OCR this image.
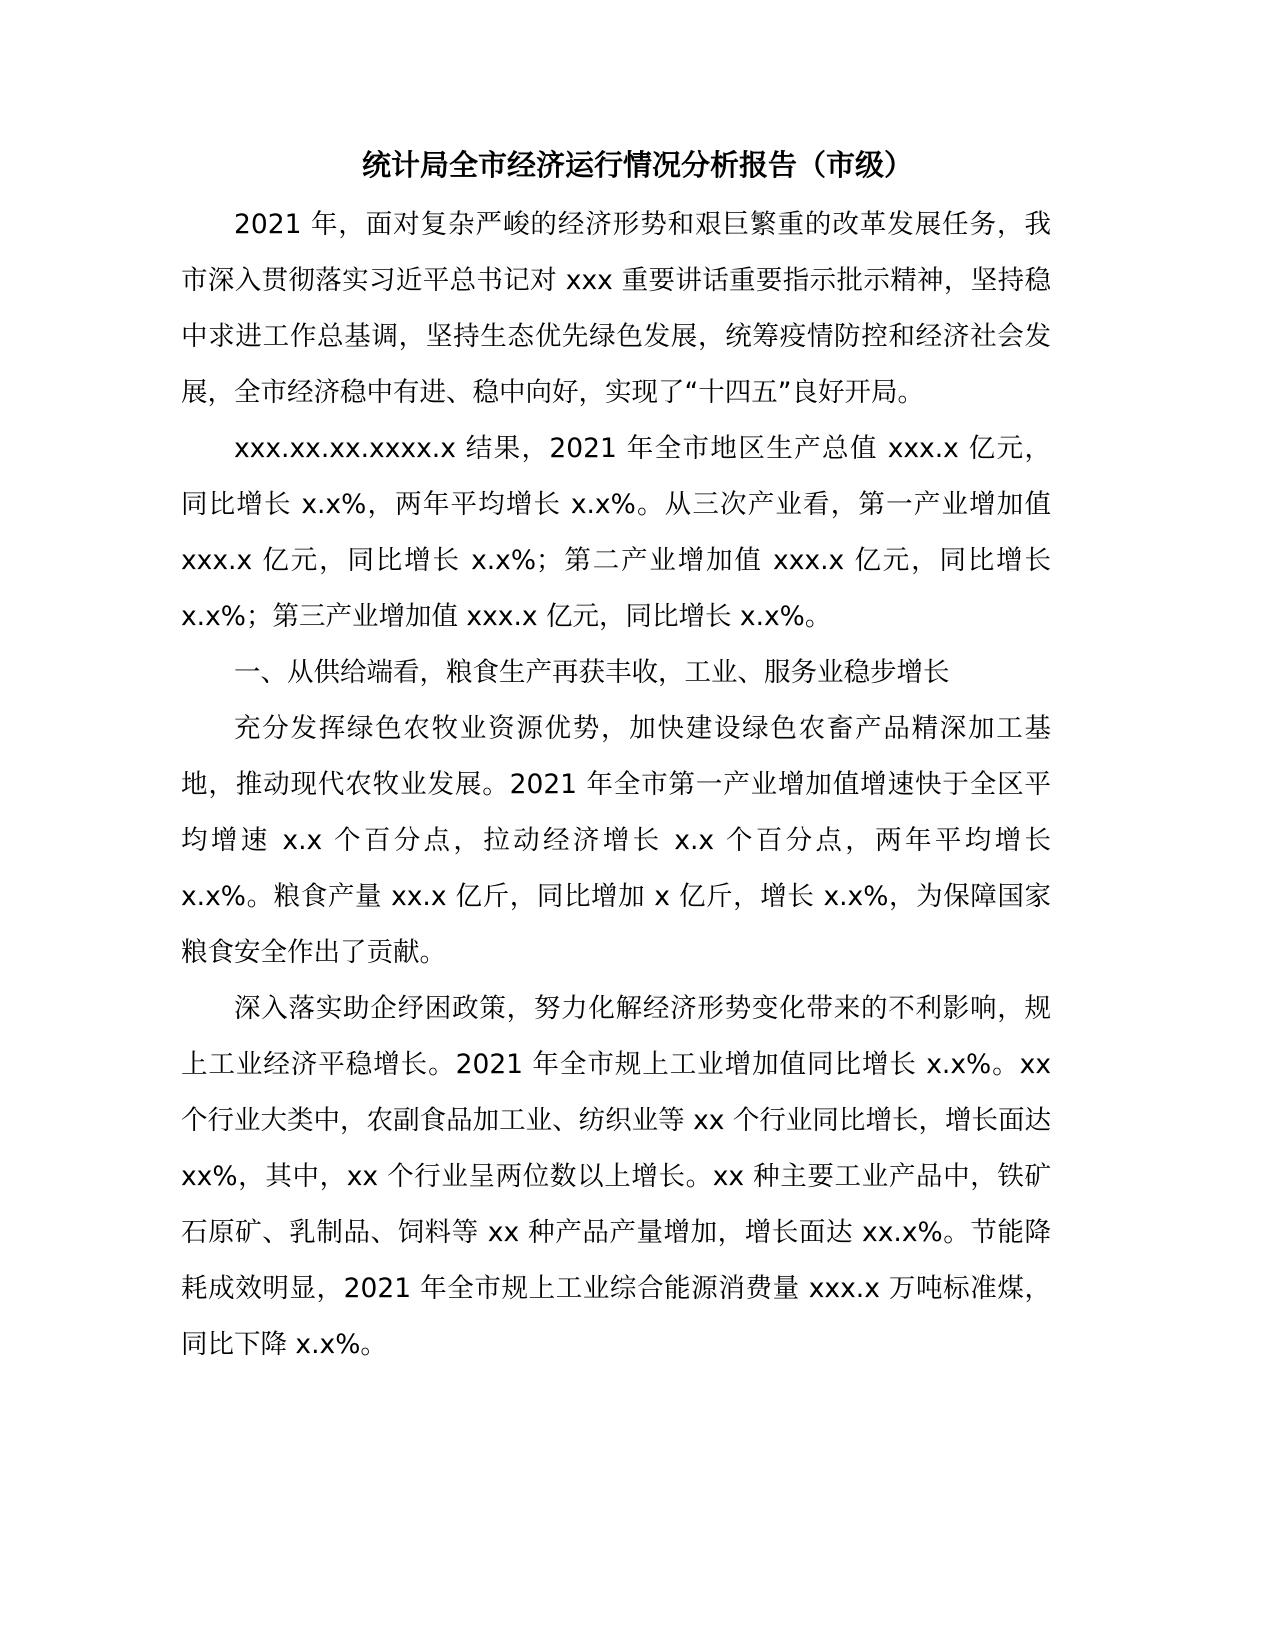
统计局全市经济运行情况分析报告（市级）

2021 年，面对复杂严峻的经济形势和艰巨繁重的改革发展任务，我市深入贯彻落实习近平总书记对 xxx 重要讲话重要指示批示精神，坚持稳中求进工作总基调，坚持生态优先绿色发展，统筹疫情防控和经济社会发展，全市经济稳中有进、稳中向好，实现了“十四五”良好开局。

xxx.xx.xx.xxxx.x 结果，2021 年全市地区生产总值 xxx.x 亿元，同比增长 x.x%，两年平均增长 x.x%。从三次产业看，第一产业增加值 xxx.x 亿元，同比增长 x.x%；第二产业增加值 xxx.x 亿元，同比增长 x.x%；第三产业增加值 xxx.x 亿元，同比增长 x.x%。

一、从供给端看，粮食生产再获丰收，工业、服务业稳步增长

充分发挥绿色农牧业资源优势，加快建设绿色农畜产品精深加工基地，推动现代农牧业发展。2021 年全市第一产业增加值增速快于全区平均增速 x.x 个百分点，拉动经济增长 x.x 个百分点，两年平均增长 x.x%。粮食产量 xx.x 亿斤，同比增加 x 亿斤，增长 x.x%，为保障国家粮食安全作出了贡献。

深入落实助企纾困政策，努力化解经济形势变化带来的不利影响，规上工业经济平稳增长。2021 年全市规上工业增加值同比增长 x.x%。xx 个行业大类中，农副食品加工业、纺织业等 xx 个行业同比增长，增长面达 xx%，其中，xx 个行业呈两位数以上增长。xx 种主要工业产品中，铁矿石原矿、乳制品、饲料等 xx 种产品产量增加，增长面达 xx.x%。节能降耗成效明显，2021 年全市规上工业综合能源消费量 xxx.x 万吨标准煤，同比下降 x.x%。
